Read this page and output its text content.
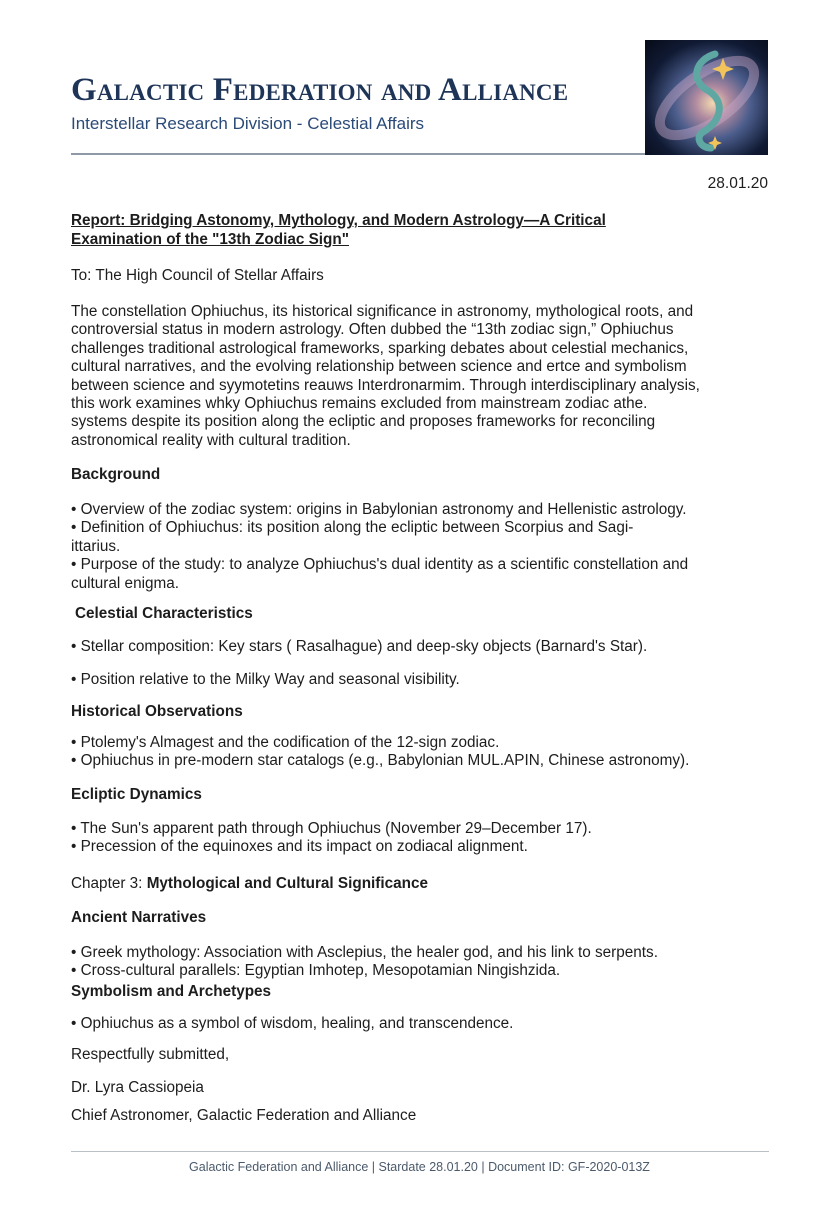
Galactic Federation and Alliance
Interstellar Research Division - Celestial Affairs
28.01.20
Report: Bridging Astonomy, Mythology, and Modern Astrology—A Critical
Examination of the "13th Zodiac Sign"
To: The High Council of Stellar Affairs
The constellation Ophiuchus, its historical significance in astronomy, mythological roots, and
controversial status in modern astrology. Often dubbed the “13th zodiac sign,” Ophiuchus
challenges traditional astrological frameworks, sparking debates about celestial mechanics,
cultural narratives, and the evolving relationship between science and ertce and symbolism
between science and syymotetins reauws Interdronarmim. Through interdisciplinary analysis,
this work examines whky Ophiuchus remains excluded from mainstream zodiac athe.
systems despite its position along the ecliptic and proposes frameworks for reconciling
astronomical reality with cultural tradition.
Background
• Overview of the zodiac system: origins in Babylonian astronomy and Hellenistic astrology.
• Definition of Ophiuchus: its position along the ecliptic between Scorpius and Sagi-
ittarius.
• Purpose of the study: to analyze Ophiuchus's dual identity as a scientific constellation and
cultural enigma.
Celestial Characteristics
• Stellar composition: Key stars ( Rasalhague) and deep-sky objects (Barnard's Star).
• Position relative to the Milky Way and seasonal visibility.
Historical Observations
• Ptolemy's Almagest and the codification of the 12-sign zodiac.
• Ophiuchus in pre-modern star catalogs (e.g., Babylonian MUL.APIN, Chinese astronomy).
Ecliptic Dynamics
• The Sun's apparent path through Ophiuchus (November 29–December 17).
• Precession of the equinoxes and its impact on zodiacal alignment.
Chapter 3: Mythological and Cultural Significance
Ancient Narratives
• Greek mythology: Association with Asclepius, the healer god, and his link to serpents.
• Cross-cultural parallels: Egyptian Imhotep, Mesopotamian Ningishzida.
Symbolism and Archetypes
• Ophiuchus as a symbol of wisdom, healing, and transcendence.
Respectfully submitted,
Dr. Lyra Cassiopeia
Chief Astronomer, Galactic Federation and Alliance
Galactic Federation and Alliance | Stardate 28.01.20 | Document ID: GF-2020-013Z
